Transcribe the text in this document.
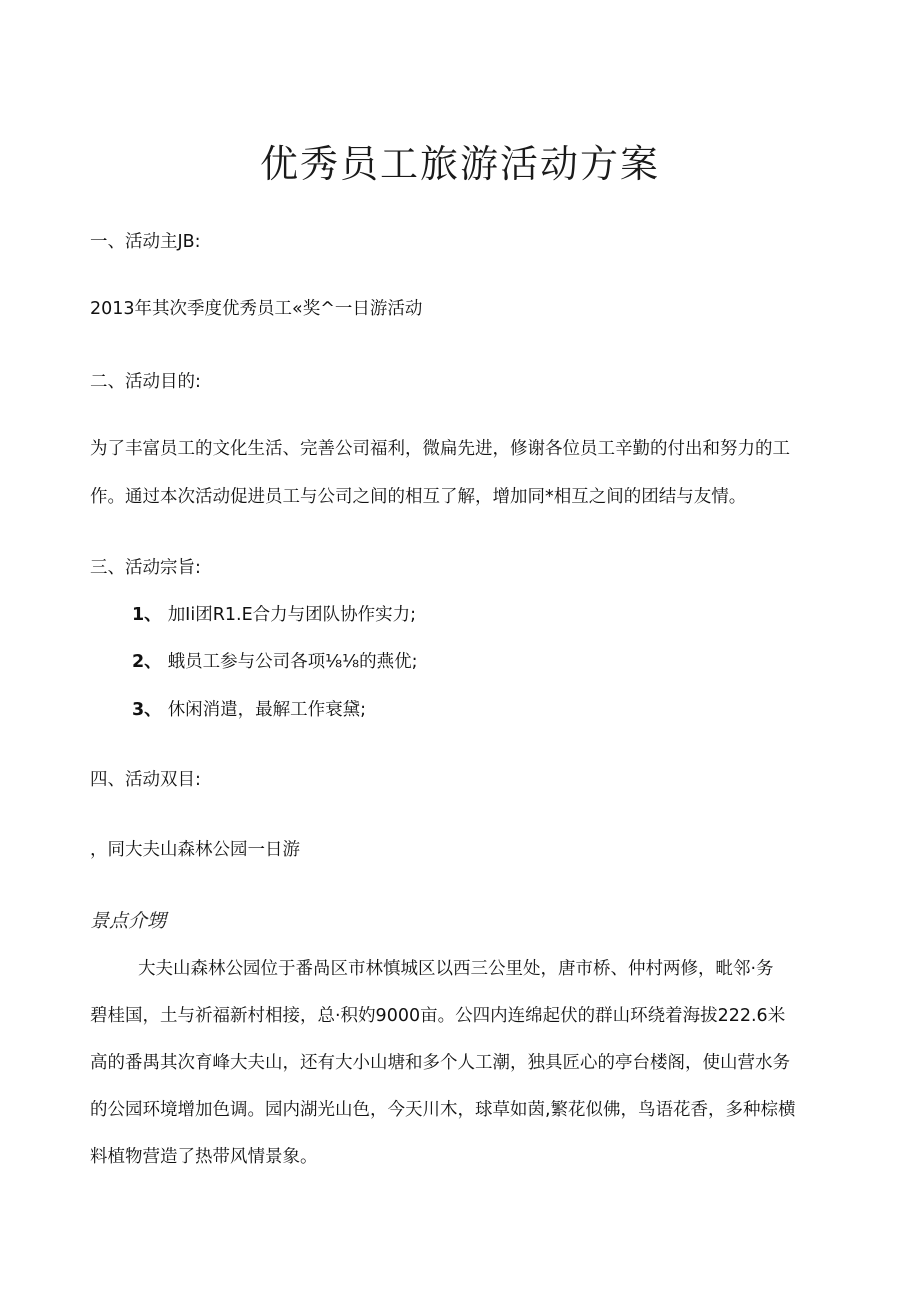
优秀员工旅游活动方案
一、活动主JB:
2013年其次季度优秀员工«奖^一日游活动
二、活动目的:
为了丰富员工的文化生活、完善公司福利，微扁先进，修谢各位员工辛勤的付出和努力的工
作。通过本次活动促进员工与公司之间的相互了解，增加同*相互之间的团结与友情。
三、活动宗旨:
1、 加Ii团R1.E合力与团队协作实力;
2、 蛾员工参与公司各项⅛⅛的燕优;
3、 休闲消遣，最解工作衰黛;
四、活动双目:
，同大夫山森林公园一日游
景点介甥
大夫山森林公园位于番咼区市林慎城区以西三公里处，唐市桥、仲村两修，毗邻·务
碧桂国，土与祈福新村相接，总·积妁9000亩。公四内连绵起伏的群山环绕着海拔222.6米
高的番禺其次育峰大夫山，还有大小山塘和多个人工潮，独具匠心的亭台楼阁，使山营水务
的公园环境增加色调。园内湖光山色，今天川木，球草如茵,繁花似佛，鸟语花香，多种棕横
料植物营造了热带风情景象。
